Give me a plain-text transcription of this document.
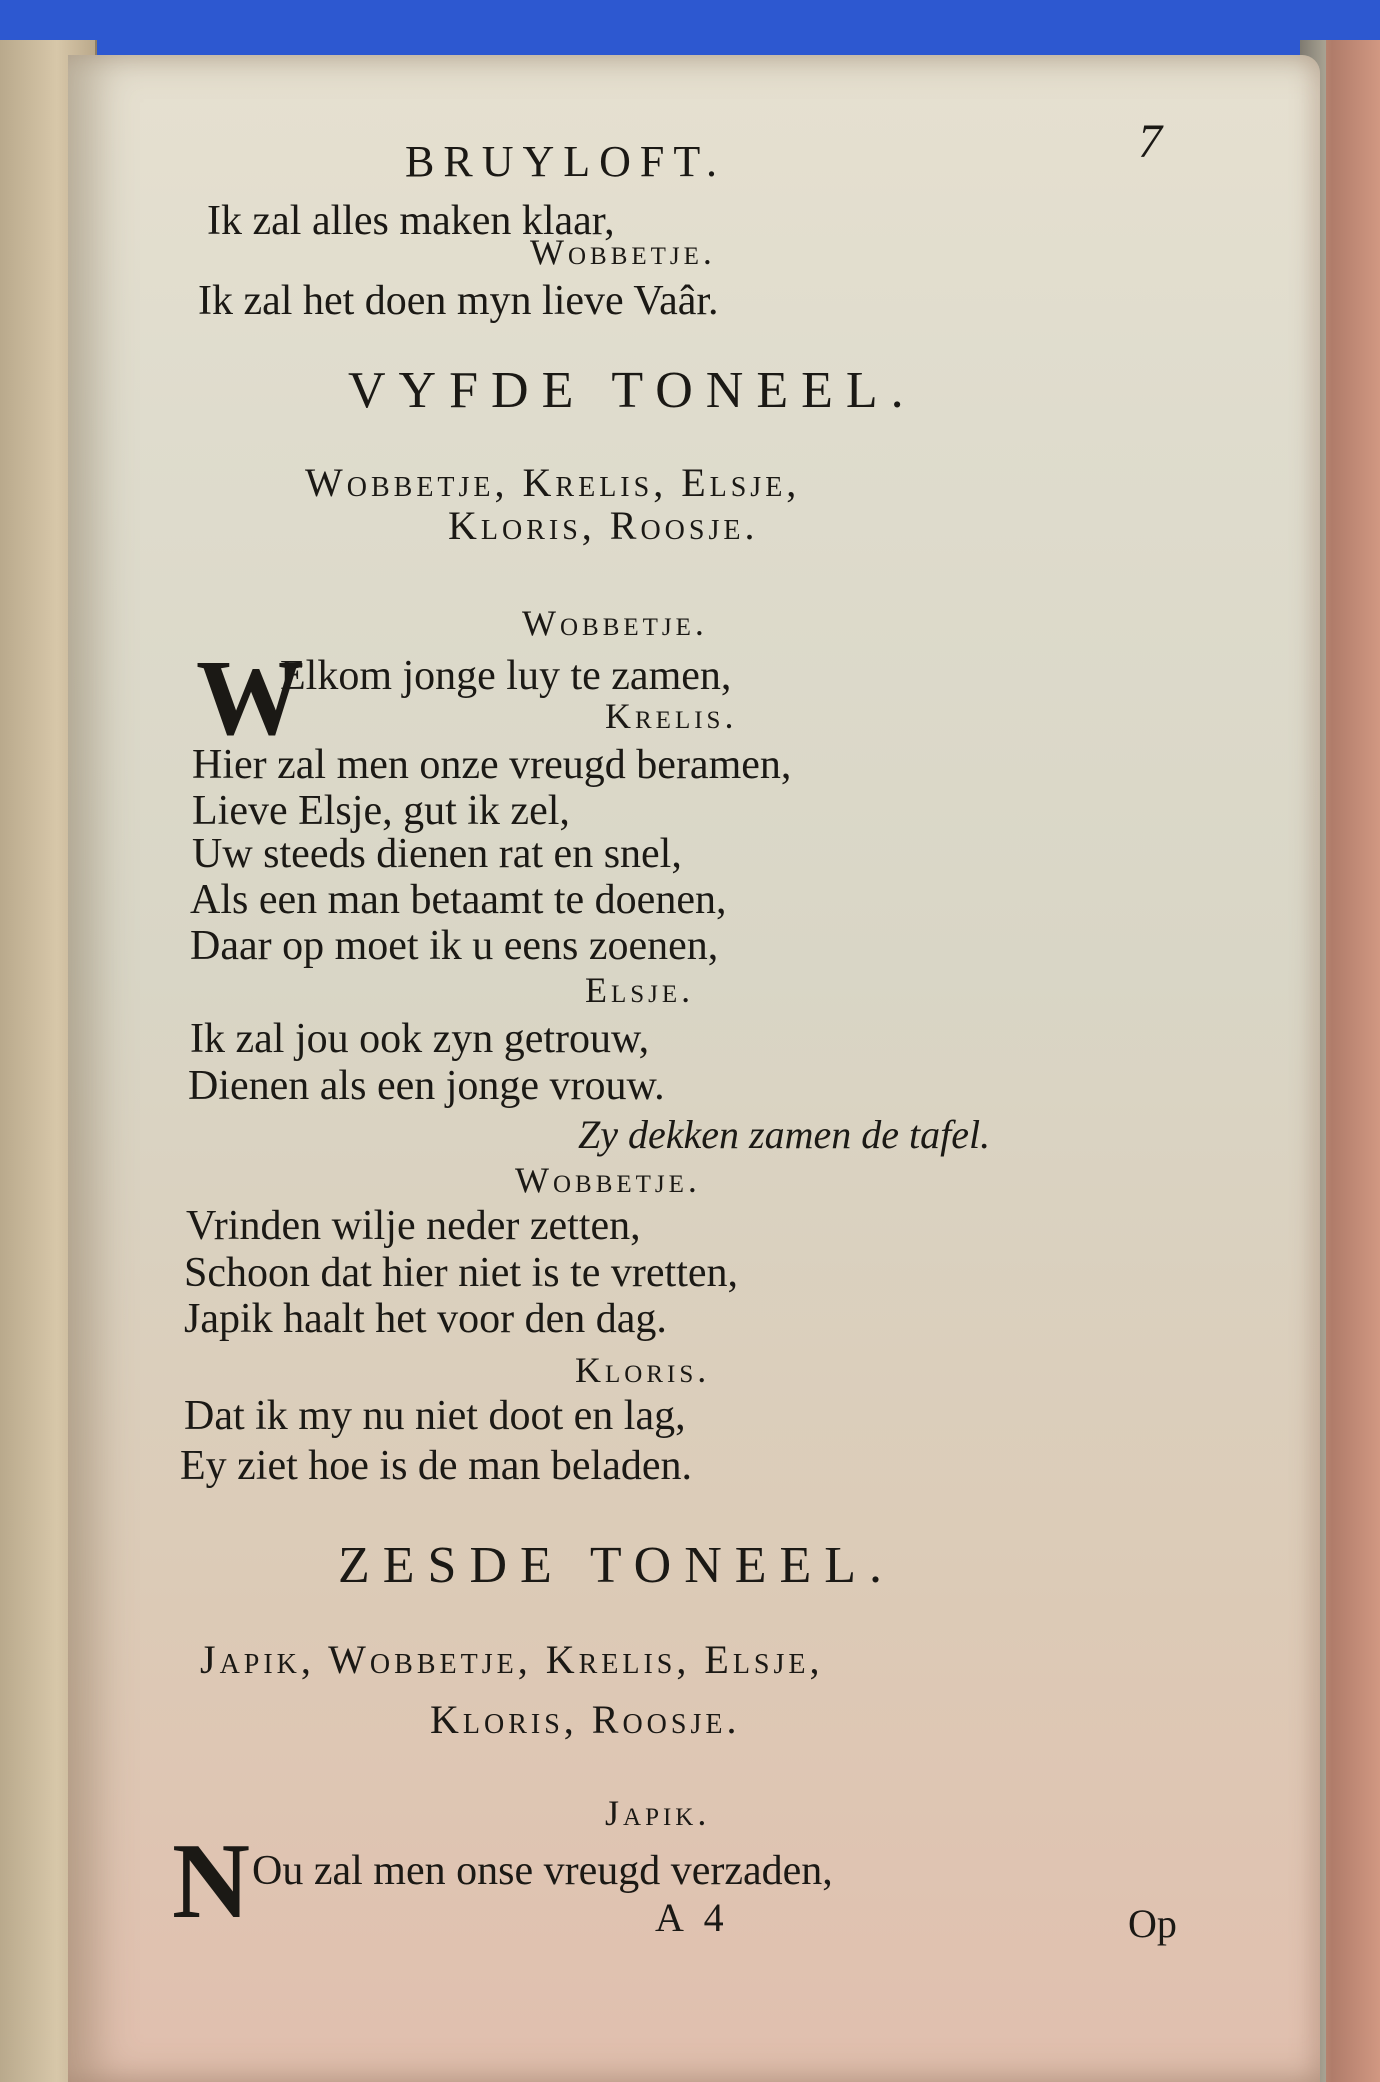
BRUYLOFT.	7
Ik zal alles maken klaar,
Wobbetje.
Ik zal het doen myn lieve Vaâr.
VYFDE TONEEL.
Wobbetje, Krelis, Elsje,
Kloris, Roosje.
Wobbetje.
W
Elkom jonge luy te zamen,
Krelis.
Hier zal men onze vreugd beramen,
Lieve Elsje, gut ik zel,
Uw steeds dienen rat en snel,
Als een man betaamt te doenen,
Daar op moet ik u eens zoenen,
Elsje.
Ik zal jou ook zyn getrouw,
Dienen als een jonge vrouw.
Zy dekken zamen de tafel.
Wobbetje.
Vrinden wilje neder zetten,
Schoon dat hier niet is te vretten,
Japik haalt het voor den dag.
Kloris.
Dat ik my nu niet doot en lag,
Ey ziet hoe is de man beladen.
ZESDE TONEEL.
Japik, Wobbetje, Krelis, Elsje,
Kloris, Roosje.
Japik.
N Ou zal men onse vreugd verzaden,
A 4	Op
